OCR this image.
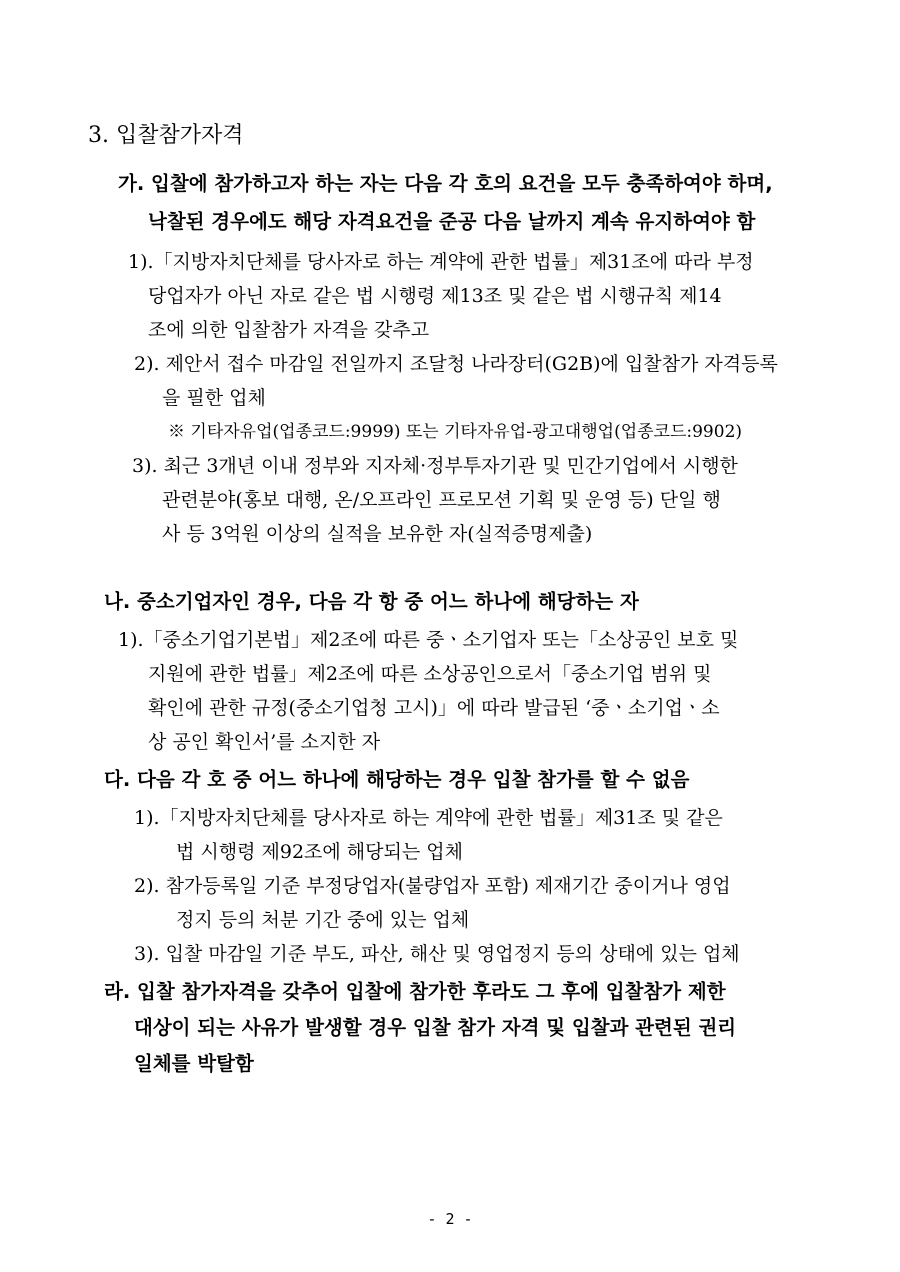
3. 입찰참가자격
가. 입찰에 참가하고자 하는 자는 다음 각 호의 요건을 모두 충족하여야 하며,
낙찰된 경우에도 해당 자격요건을 준공 다음 날까지 계속 유지하여야 함
1).「지방자치단체를 당사자로 하는 계약에 관한 법률」제31조에 따라 부정
당업자가 아닌 자로 같은 법 시행령 제13조 및 같은 법 시행규칙 제14
조에 의한 입찰참가 자격을 갖추고
2). 제안서 접수 마감일 전일까지 조달청 나라장터(G2B)에 입찰참가 자격등록
을 필한 업체
※ 기타자유업(업종코드:9999) 또는 기타자유업-광고대행업(업종코드:9902)
3). 최근 3개년 이내 정부와 지자체·정부투자기관 및 민간기업에서 시행한
관련분야(홍보 대행, 온/오프라인 프로모션 기획 및 운영 등) 단일 행
사 등 3억원 이상의 실적을 보유한 자(실적증명제출)
나. 중소기업자인 경우, 다음 각 항 중 어느 하나에 해당하는 자
1).「중소기업기본법」제2조에 따른 중ㆍ소기업자 또는「소상공인 보호 및
지원에 관한 법률」제2조에 따른 소상공인으로서「중소기업 범위 및
확인에 관한 규정(중소기업청 고시)」에 따라 발급된 ‘중ㆍ소기업ㆍ소
상 공인 확인서’를 소지한 자
다. 다음 각 호 중 어느 하나에 해당하는 경우 입찰 참가를 할 수 없음
1).「지방자치단체를 당사자로 하는 계약에 관한 법률」제31조 및 같은
법 시행령 제92조에 해당되는 업체
2). 참가등록일 기준 부정당업자(불량업자 포함) 제재기간 중이거나 영업
정지 등의 처분 기간 중에 있는 업체
3). 입찰 마감일 기준 부도, 파산, 해산 및 영업정지 등의 상태에 있는 업체
라. 입찰 참가자격을 갖추어 입찰에 참가한 후라도 그 후에 입찰참가 제한
대상이 되는 사유가 발생할 경우 입찰 참가 자격 및 입찰과 관련된 권리
일체를 박탈함
- 2 -
